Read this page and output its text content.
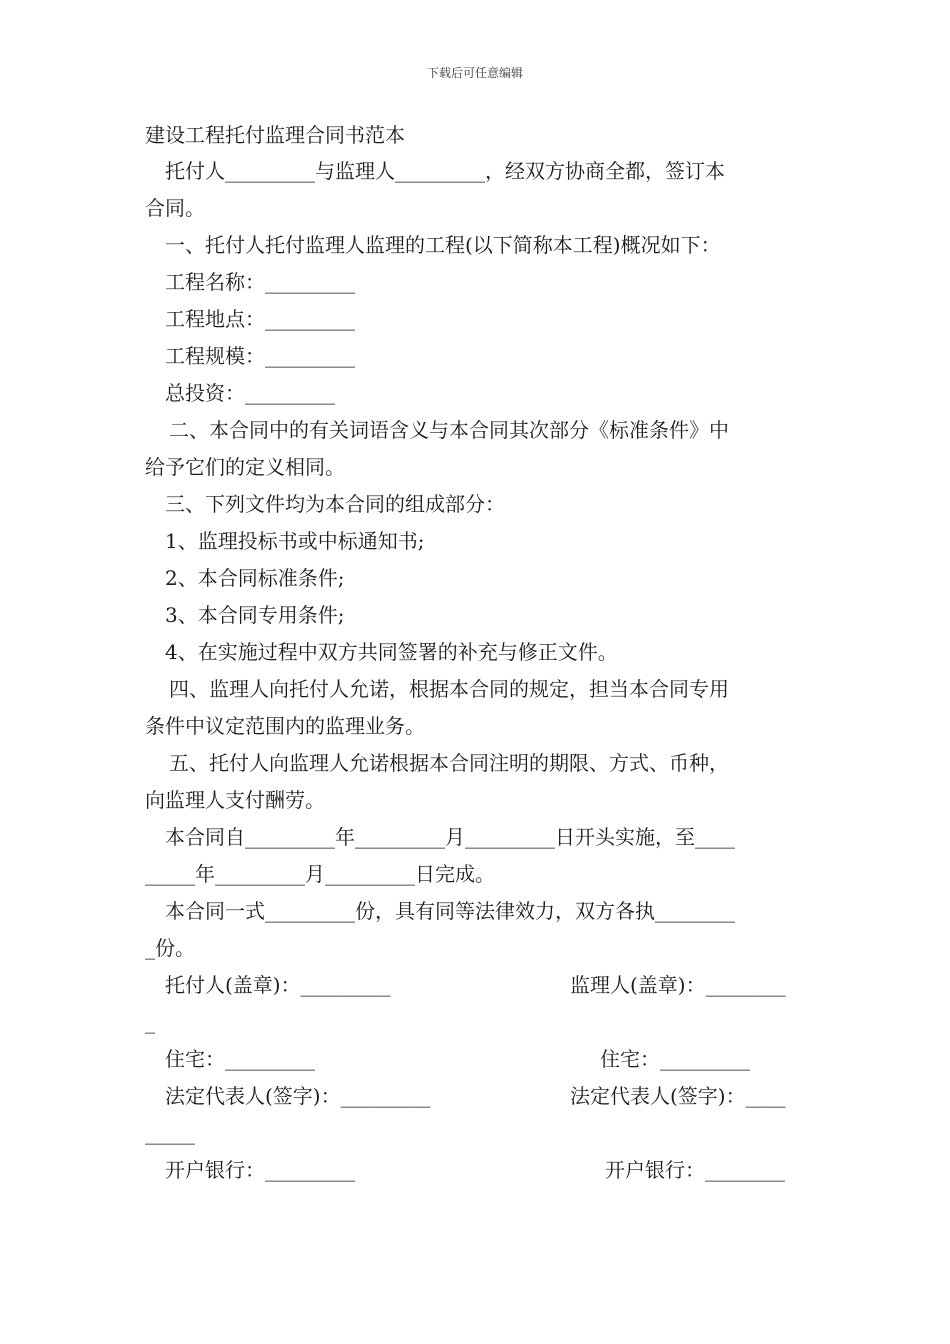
下载后可任意编辑
建设工程托付监理合同书范本
托付人_________与监理人_________，经双方协商全都，签订本
合同。
一、托付人托付监理人监理的工程(以下简称本工程)概况如下：
工程名称：_________
工程地点：_________
工程规模：_________
总投资：_________
二、本合同中的有关词语含义与本合同其次部分《标准条件》中
给予它们的定义相同。
三、下列文件均为本合同的组成部分：
1、监理投标书或中标通知书;
2、本合同标准条件;
3、本合同专用条件;
4、在实施过程中双方共同签署的补充与修正文件。
四、监理人向托付人允诺，根据本合同的规定，担当本合同专用
条件中议定范围内的监理业务。
五、托付人向监理人允诺根据本合同注明的期限、方式、币种，
向监理人支付酬劳。
本合同自_________年_________月_________日开头实施，至____
_____年_________月_________日完成。
本合同一式_________份，具有同等法律效力，双方各执________
_份。
托付人(盖章)：_________	监理人(盖章)：________
_
住宅：_________	住宅：_________
法定代表人(签字)：_________	法定代表人(签字)：____
_____
开户银行：_________	开户银行：________
